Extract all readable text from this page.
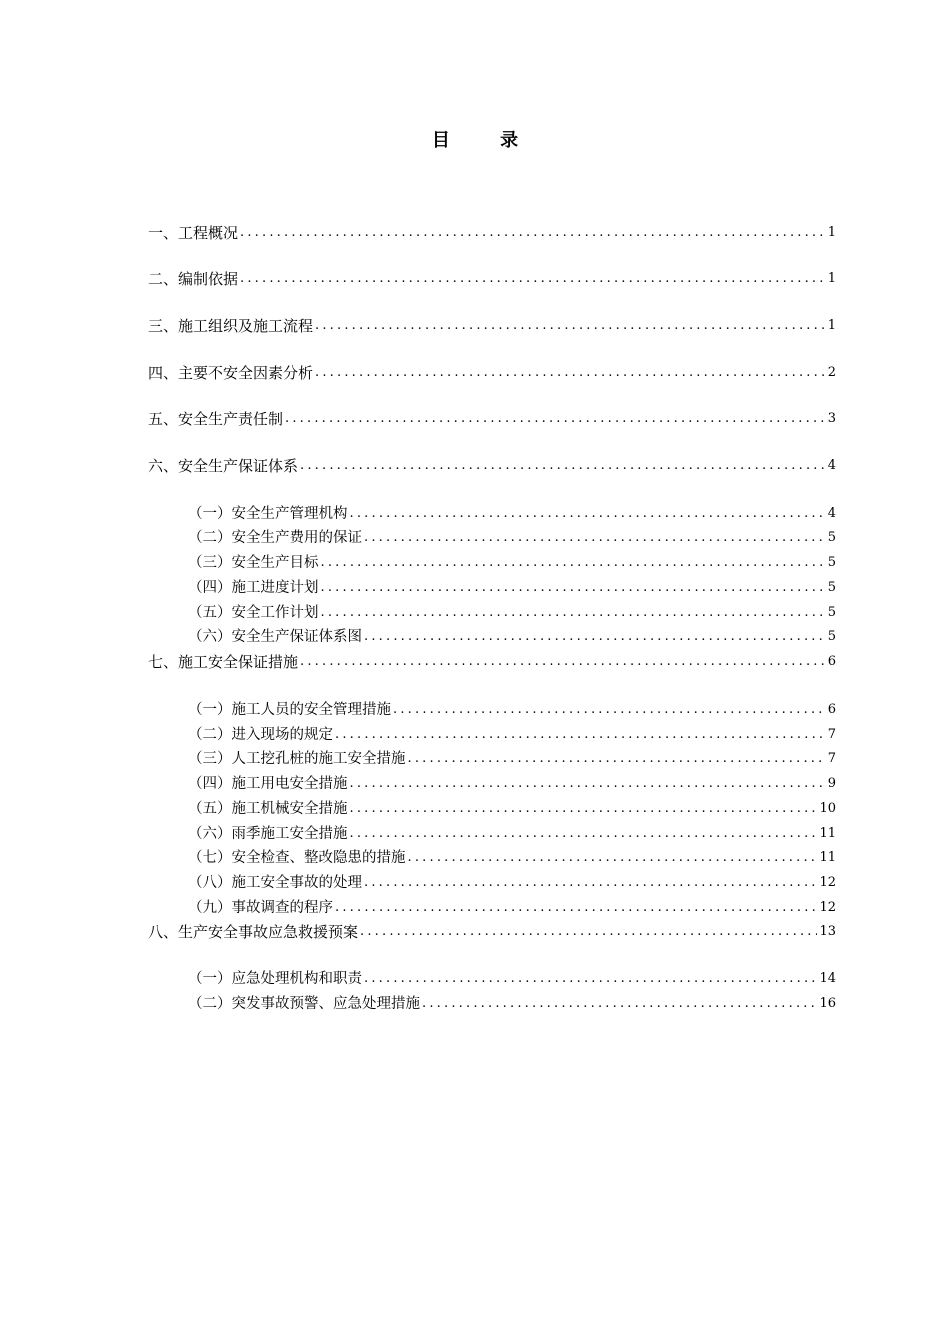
目 录
一、工程概况 .....	1
二、编制依据 .....	1
三、施工组织及施工流程 .....	1
四、主要不安全因素分析 .....	2
五、安全生产责任制 .....	3
六、安全生产保证体系 .....	4
（一）安全生产管理机构 .....	4
（二）安全生产费用的保证 .....	5
（三）安全生产目标 .....	5
（四）施工进度计划 .....	5
（五）安全工作计划 .....	5
（六）安全生产保证体系图 .....	5
七、施工安全保证措施 .....	6
（一）施工人员的安全管理措施 .....	6
（二）进入现场的规定 .....	7
（三）人工挖孔桩的施工安全措施 .....	7
（四）施工用电安全措施 .....	9
（五）施工机械安全措施 .....	10
（六）雨季施工安全措施 .....	11
（七）安全检查、整改隐患的措施 .....	11
（八）施工安全事故的处理 .....	12
（九）事故调查的程序 .....	12
八、生产安全事故应急救援预案 .....	13
（一）应急处理机构和职责 .....	14
（二）突发事故预警、应急处理措施 .....	16
